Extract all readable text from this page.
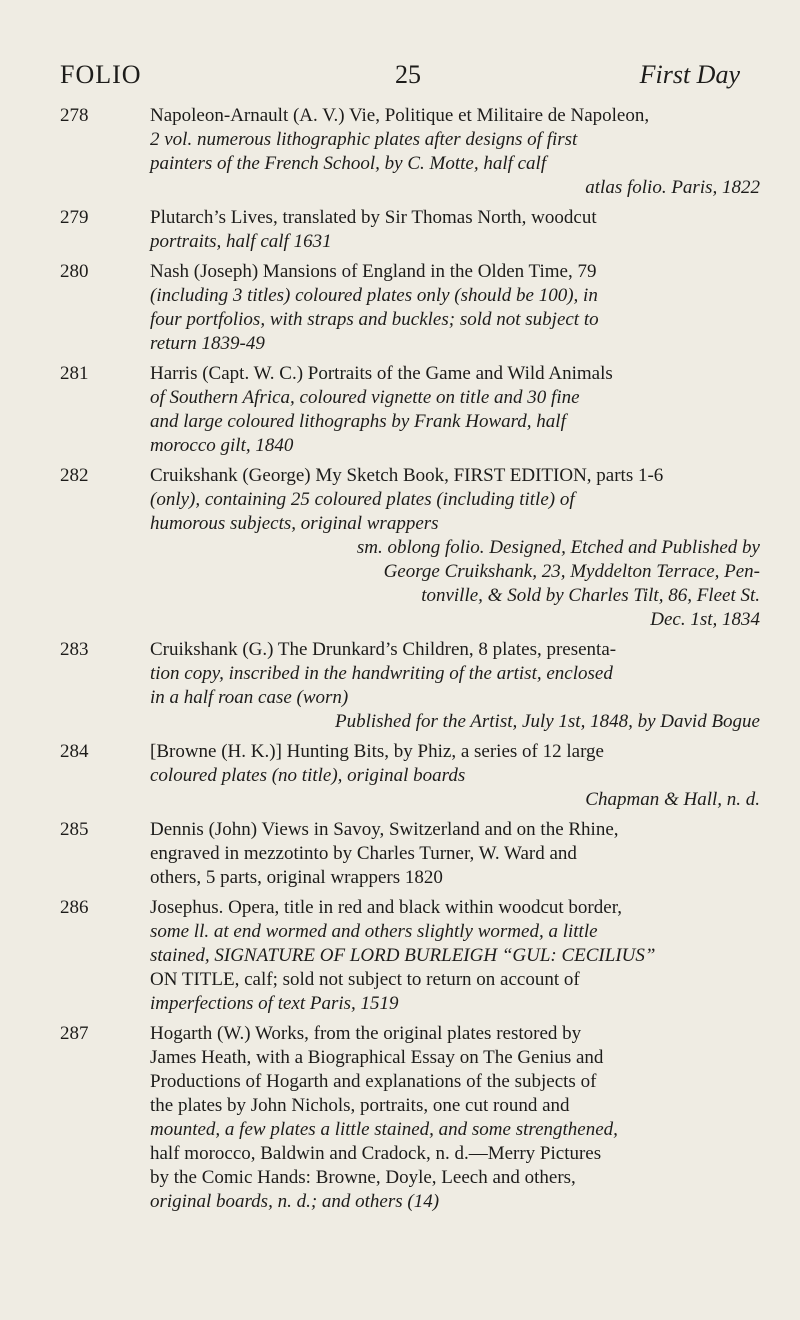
FOLIO	25	First Day
278	Napoleon-Arnault (A. V.) Vie, Politique et Militaire de Napoleon,
2 vol. numerous lithographic plates after designs of first
painters of the French School, by C. Motte, half calf
atlas folio. Paris, 1822
279	Plutarch’s Lives, translated by Sir Thomas North, woodcut
portraits, half calf 1631
280	Nash (Joseph) Mansions of England in the Olden Time, 79
(including 3 titles) coloured plates only (should be 100), in
four portfolios, with straps and buckles; sold not subject to
return 1839-49
281	Harris (Capt. W. C.) Portraits of the Game and Wild Animals
of Southern Africa, coloured vignette on title and 30 fine
and large coloured lithographs by Frank Howard, half
morocco gilt, 1840
282	Cruikshank (George) My Sketch Book, FIRST EDITION, parts 1-6
(only), containing 25 coloured plates (including title) of
humorous subjects, original wrappers
sm. oblong folio. Designed, Etched and Published by
George Cruikshank, 23, Myddelton Terrace, Pen-
tonville, & Sold by Charles Tilt, 86, Fleet St.
Dec. 1st, 1834
283	Cruikshank (G.) The Drunkard’s Children, 8 plates, presenta-
tion copy, inscribed in the handwriting of the artist, enclosed
in a half roan case (worn)
Published for the Artist, July 1st, 1848, by David Bogue
284	[Browne (H. K.)] Hunting Bits, by Phiz, a series of 12 large
coloured plates (no title), original boards
Chapman & Hall, n. d.
285	Dennis (John) Views in Savoy, Switzerland and on the Rhine,
engraved in mezzotinto by Charles Turner, W. Ward and
others, 5 parts, original wrappers 1820
286	Josephus. Opera, title in red and black within woodcut border,
some ll. at end wormed and others slightly wormed, a little
stained, SIGNATURE OF LORD BURLEIGH “GUL: CECILIUS”
ON TITLE, calf; sold not subject to return on account of
imperfections of text Paris, 1519
287	Hogarth (W.) Works, from the original plates restored by
James Heath, with a Biographical Essay on The Genius and
Productions of Hogarth and explanations of the subjects of
the plates by John Nichols, portraits, one cut round and
mounted, a few plates a little stained, and some strengthened,
half morocco, Baldwin and Cradock, n. d.—Merry Pictures
by the Comic Hands: Browne, Doyle, Leech and others,
original boards, n. d.; and others (14)
